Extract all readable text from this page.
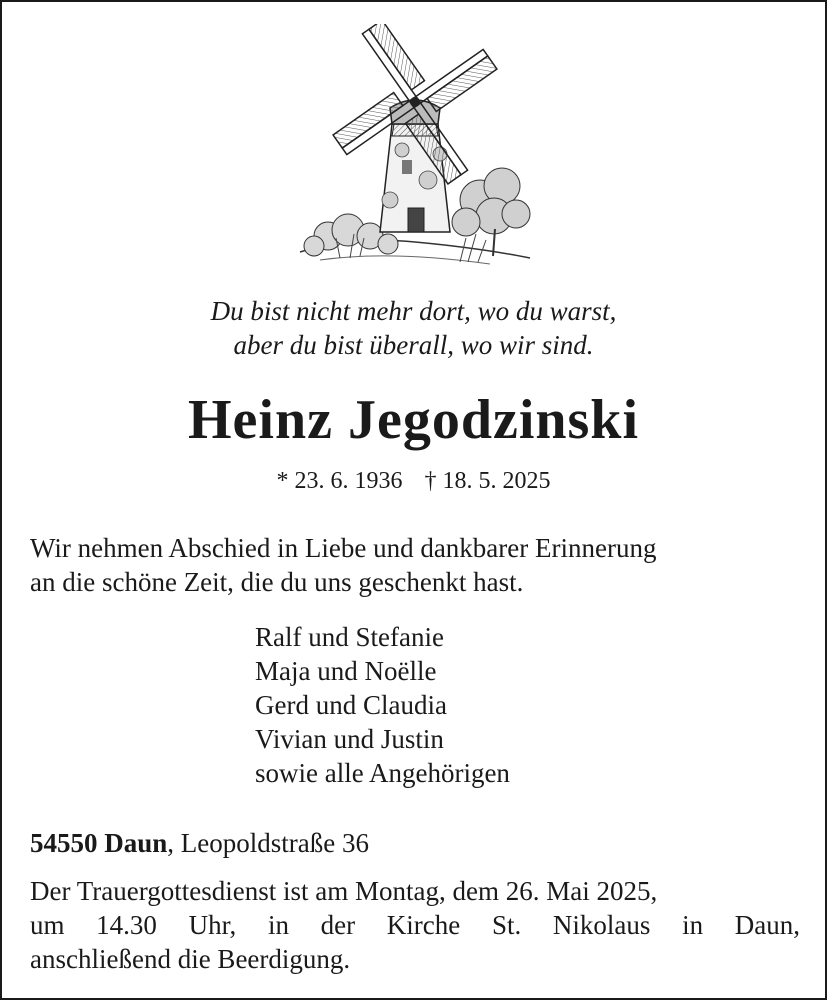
Du bist nicht mehr dort, wo du warst,
aber du bist überall, wo wir sind.
Heinz Jegodzinski
* 23. 6. 1936 † 18. 5. 2025
Wir nehmen Abschied in Liebe und dankbarer Erinnerung
an die schöne Zeit, die du uns geschenkt hast.
Ralf und Stefanie
Maja und Noëlle
Gerd und Claudia
Vivian und Justin
sowie alle Angehörigen
54550 Daun, Leopoldstraße 36
Der Trauergottesdienst ist am Montag, dem 26. Mai 2025,
um 14.30 Uhr, in der Kirche St. Nikolaus in Daun,
anschließend die Beerdigung.
